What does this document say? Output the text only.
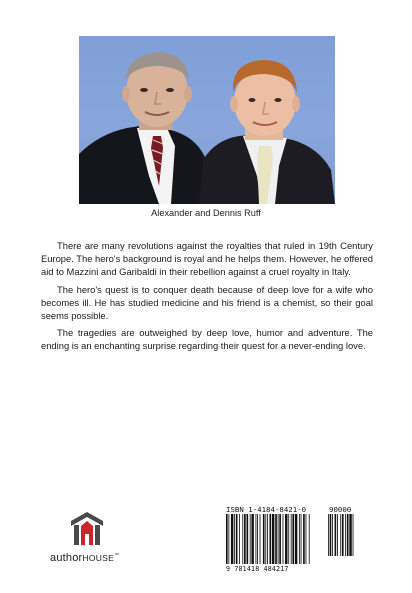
Alexander and Dennis Ruff

There are many revolutions against the royalties that ruled in 19th Century Europe. The hero's background is royal and he helps them. However, he offered aid to Mazzini and Garibaldi in their rebellion against a cruel royalty in Italy.

The hero's quest is to conquer death because of deep love for a wife who becomes ill. He has studied medicine and his friend is a chemist, so their goal seems possible.

The tragedies are outweighed by deep love, humor and adventure. The ending is an enchanting surprise regarding their quest for a never-ending love.

authorHOUSE™
ISBN 1-4184-8421-0	90000
9 781418 484217
